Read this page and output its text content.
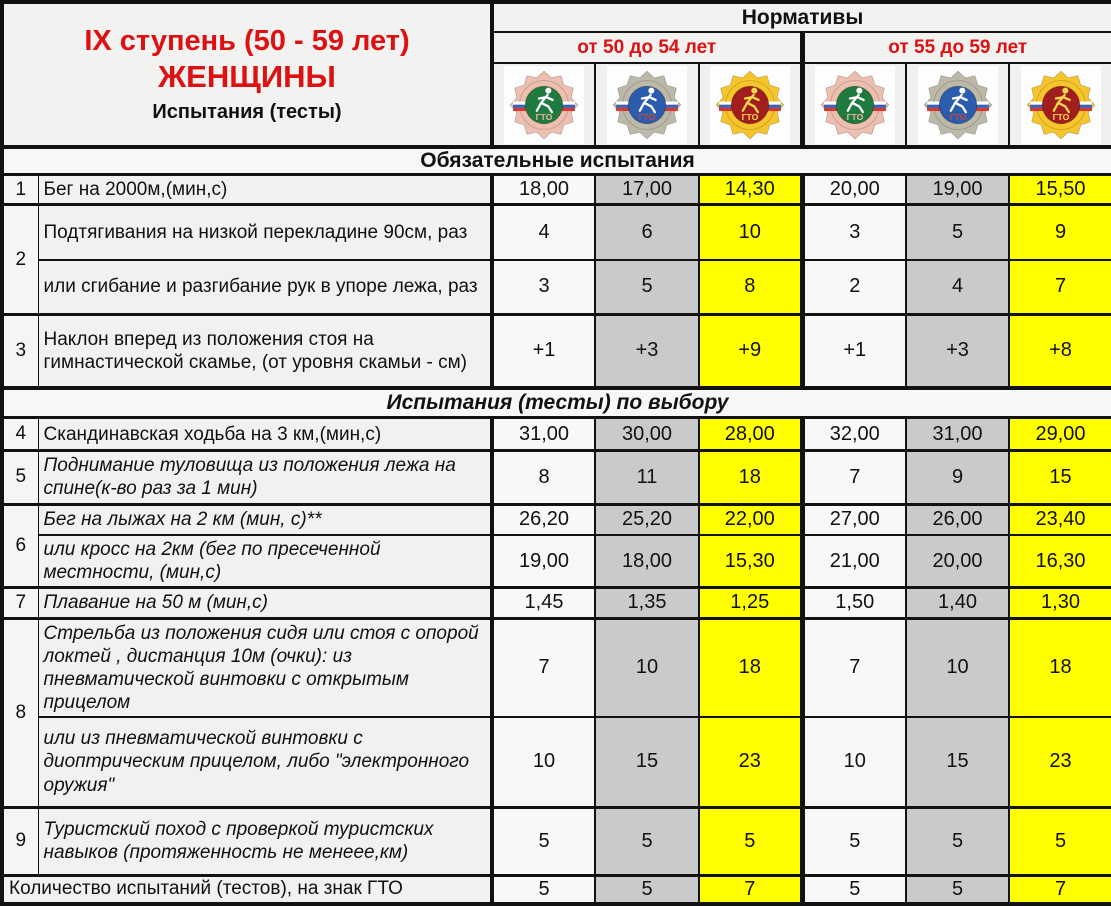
IX ступень (50 - 59 лет)
ЖЕНЩИНЫ
Испытания (тесты)		Нормативы					
		от 50 до 54 лет			от 55 до 59 лет		

ГТО	ГТО	ГТО	ГТО	ГТО	ГТО

Обязательные испытания							
1	Бег на 2000м,(мин,с)	18,00	17,00	14,30	20,00	19,00	15,50
2	Подтягивания на низкой перекладине 90см, раз	4	6	10	3	5	9
	или сгибание и разгибание рук в упоре лежа, раз	3	5	8	2	4	7
3	Наклон вперед из положения стоя на гимнастической скамье, (от уровня скамьи - см)	+1	+3	+9	+1	+3	+8
Испытания (тесты) по выбору							
4	Скандинавская ходьба на 3 км,(мин,с)	31,00	30,00	28,00	32,00	31,00	29,00
5	Поднимание туловища из положения лежа на спине(к-во раз за 1 мин)	8	11	18	7	9	15
6	Бег на лыжах на 2 км (мин, с)**	26,20	25,20	22,00	27,00	26,00	23,40
	или кросс на 2км (бег по пресеченной местности, (мин,с)	19,00	18,00	15,30	21,00	20,00	16,30
7	Плавание на 50 м (мин,с)	1,45	1,35	1,25	1,50	1,40	1,30
8	Стрельба из положения сидя или стоя с опорой локтей , дистанция 10м (очки): из пневматической винтовки с открытым прицелом	7	10	18	7	10	18
	или из пневматической винтовки с диоптрическим прицелом, либо "электронного оружия"	10	15	23	10	15	23
9	Туристский поход с проверкой туристских навыков (протяженность не менеее,км)	5	5	5	5	5	5
Количество испытаний (тестов), на знак ГТО		5	5	7	5	5	7
